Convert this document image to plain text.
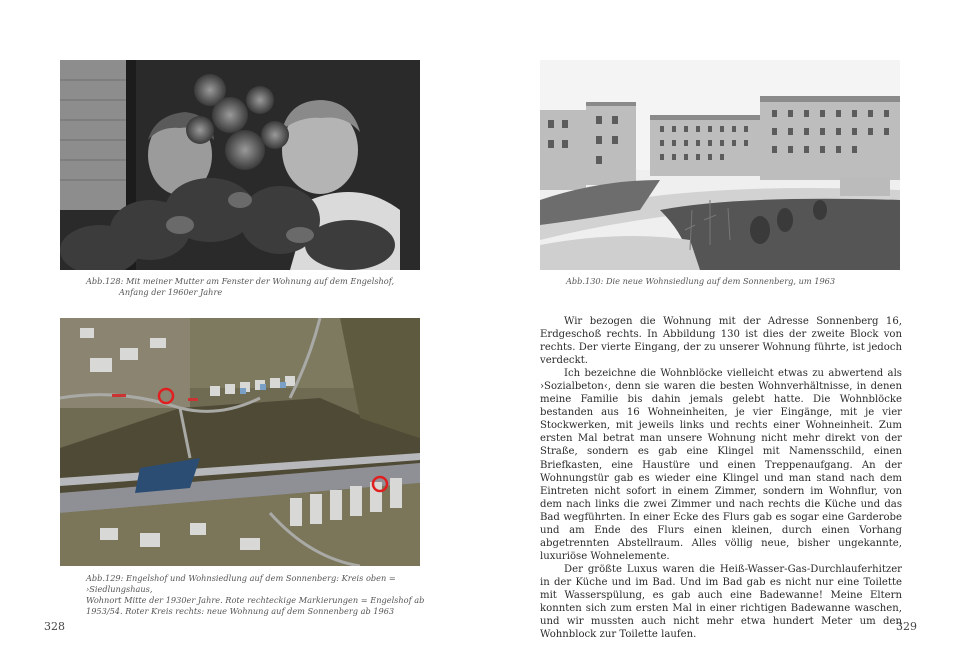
Abb.128: Mit meiner Mutter am Fenster der Wohnung auf dem Engelshof,
Anfang der 1960er Jahre
Abb.129: Engelshof und Wohnsiedlung auf dem Sonnenberg: Kreis oben = ›Siedlungshaus,
Wohnort Mitte der 1930er Jahre. Rote rechteckige Markierungen = Engelshof ab
1953/54. Roter Kreis rechts: neue Wohnung auf dem Sonnenberg ab 1963
328
Abb.130: Die neue Wohnsiedlung auf dem Sonnenberg, um 1963

Wir bezogen die Wohnung mit der Adresse Sonnenberg 16, Erdgeschoß rechts. In Abbildung 130 ist dies der zweite Block von rechts. Der vierte Eingang, der zu unserer Wohnung führte, ist jedoch verdeckt.

Ich bezeichne die Wohnblöcke vielleicht etwas zu abwertend als ›Sozialbeton‹, denn sie waren die besten Wohnverhältnisse, in denen meine Familie bis dahin jemals gelebt hatte. Die Wohnblöcke bestanden aus 16 Wohneinheiten, je vier Eingänge, mit je vier Stockwerken, mit jeweils links und rechts einer Wohneinheit. Zum ersten Mal betrat man unsere Wohnung nicht mehr direkt von der Straße, sondern es gab eine Klingel mit Namensschild, einen Briefkasten, eine Haustüre und einen Treppenaufgang. An der Wohnungstür gab es wieder eine Klingel und man stand nach dem Eintreten nicht sofort in einem Zimmer, sondern im Wohnflur, von dem nach links die zwei Zimmer und nach rechts die Küche und das Bad wegführten. In einer Ecke des Flurs gab es sogar eine Garderobe und am Ende des Flurs einen kleinen, durch einen Vorhang abgetrennten Abstellraum. Alles völlig neue, bisher ungekannte, luxuriöse Wohnelemente.

Der größte Luxus waren die Heiß-Wasser-Gas-Durchlauferhitzer in der Küche und im Bad. Und im Bad gab es nicht nur eine Toilette mit Wasserspülung, es gab auch eine Badewanne! Meine Eltern konnten sich zum ersten Mal in einer richtigen Badewanne waschen, und wir mussten auch nicht mehr etwa hundert Meter um den Wohnblock zur Toilette laufen.

329
